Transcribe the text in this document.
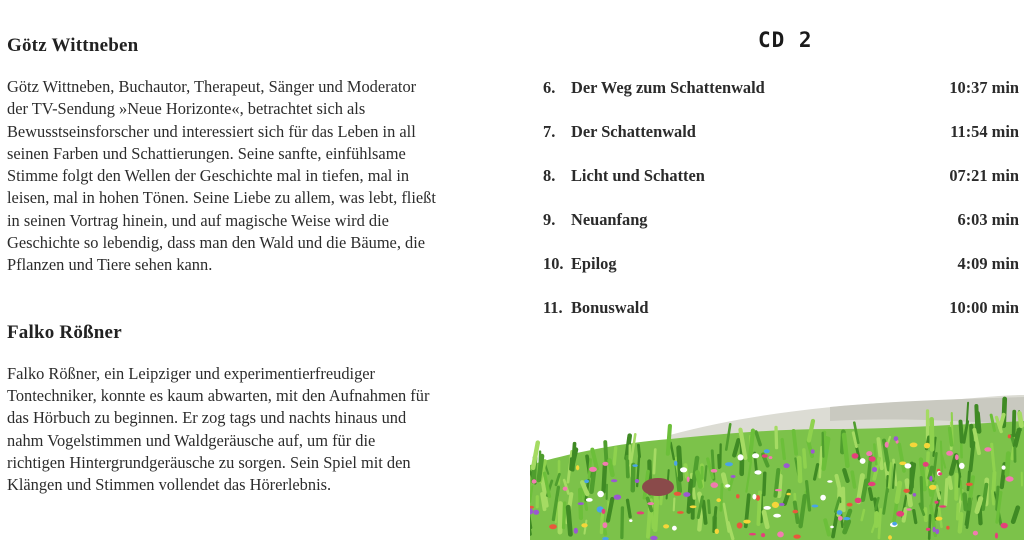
Götz Wittneben

Götz Wittneben, Buchautor, Therapeut, Sänger und Moderator
der TV-Sendung »Neue Horizonte«, betrachtet sich als
Bewusstseinsforscher und interessiert sich für das Leben in all
seinen Farben und Schattierungen. Seine sanfte, einfühlsame
Stimme folgt den Wellen der Geschichte mal in tiefen, mal in
leisen, mal in hohen Tönen. Seine Liebe zu allem, was lebt, fließt
in seinen Vortrag hinein, und auf magische Weise wird die
Geschichte so lebendig, dass man den Wald und die Bäume, die
Pflanzen und Tiere sehen kann.

Falko Rößner

Falko Rößner, ein Leipziger und experimentierfreudiger
Tontechniker, konnte es kaum abwarten, mit den Aufnahmen für
das Hörbuch zu beginnen. Er zog tags und nachts hinaus und
nahm Vogelstimmen und Waldgeräusche auf, um für die
richtigen Hintergrundgeräusche zu sorgen. Sein Spiel mit den
Klängen und Stimmen vollendet das Hörerlebnis.

CD 2
6. Der Weg zum Schattenwald	10:37 min
7. Der Schattenwald	11:54 min
8. Licht und Schatten	07:21 min
9. Neuanfang	6:03 min
10. Epilog	4:09 min
11. Bonuswald	10:00 min
